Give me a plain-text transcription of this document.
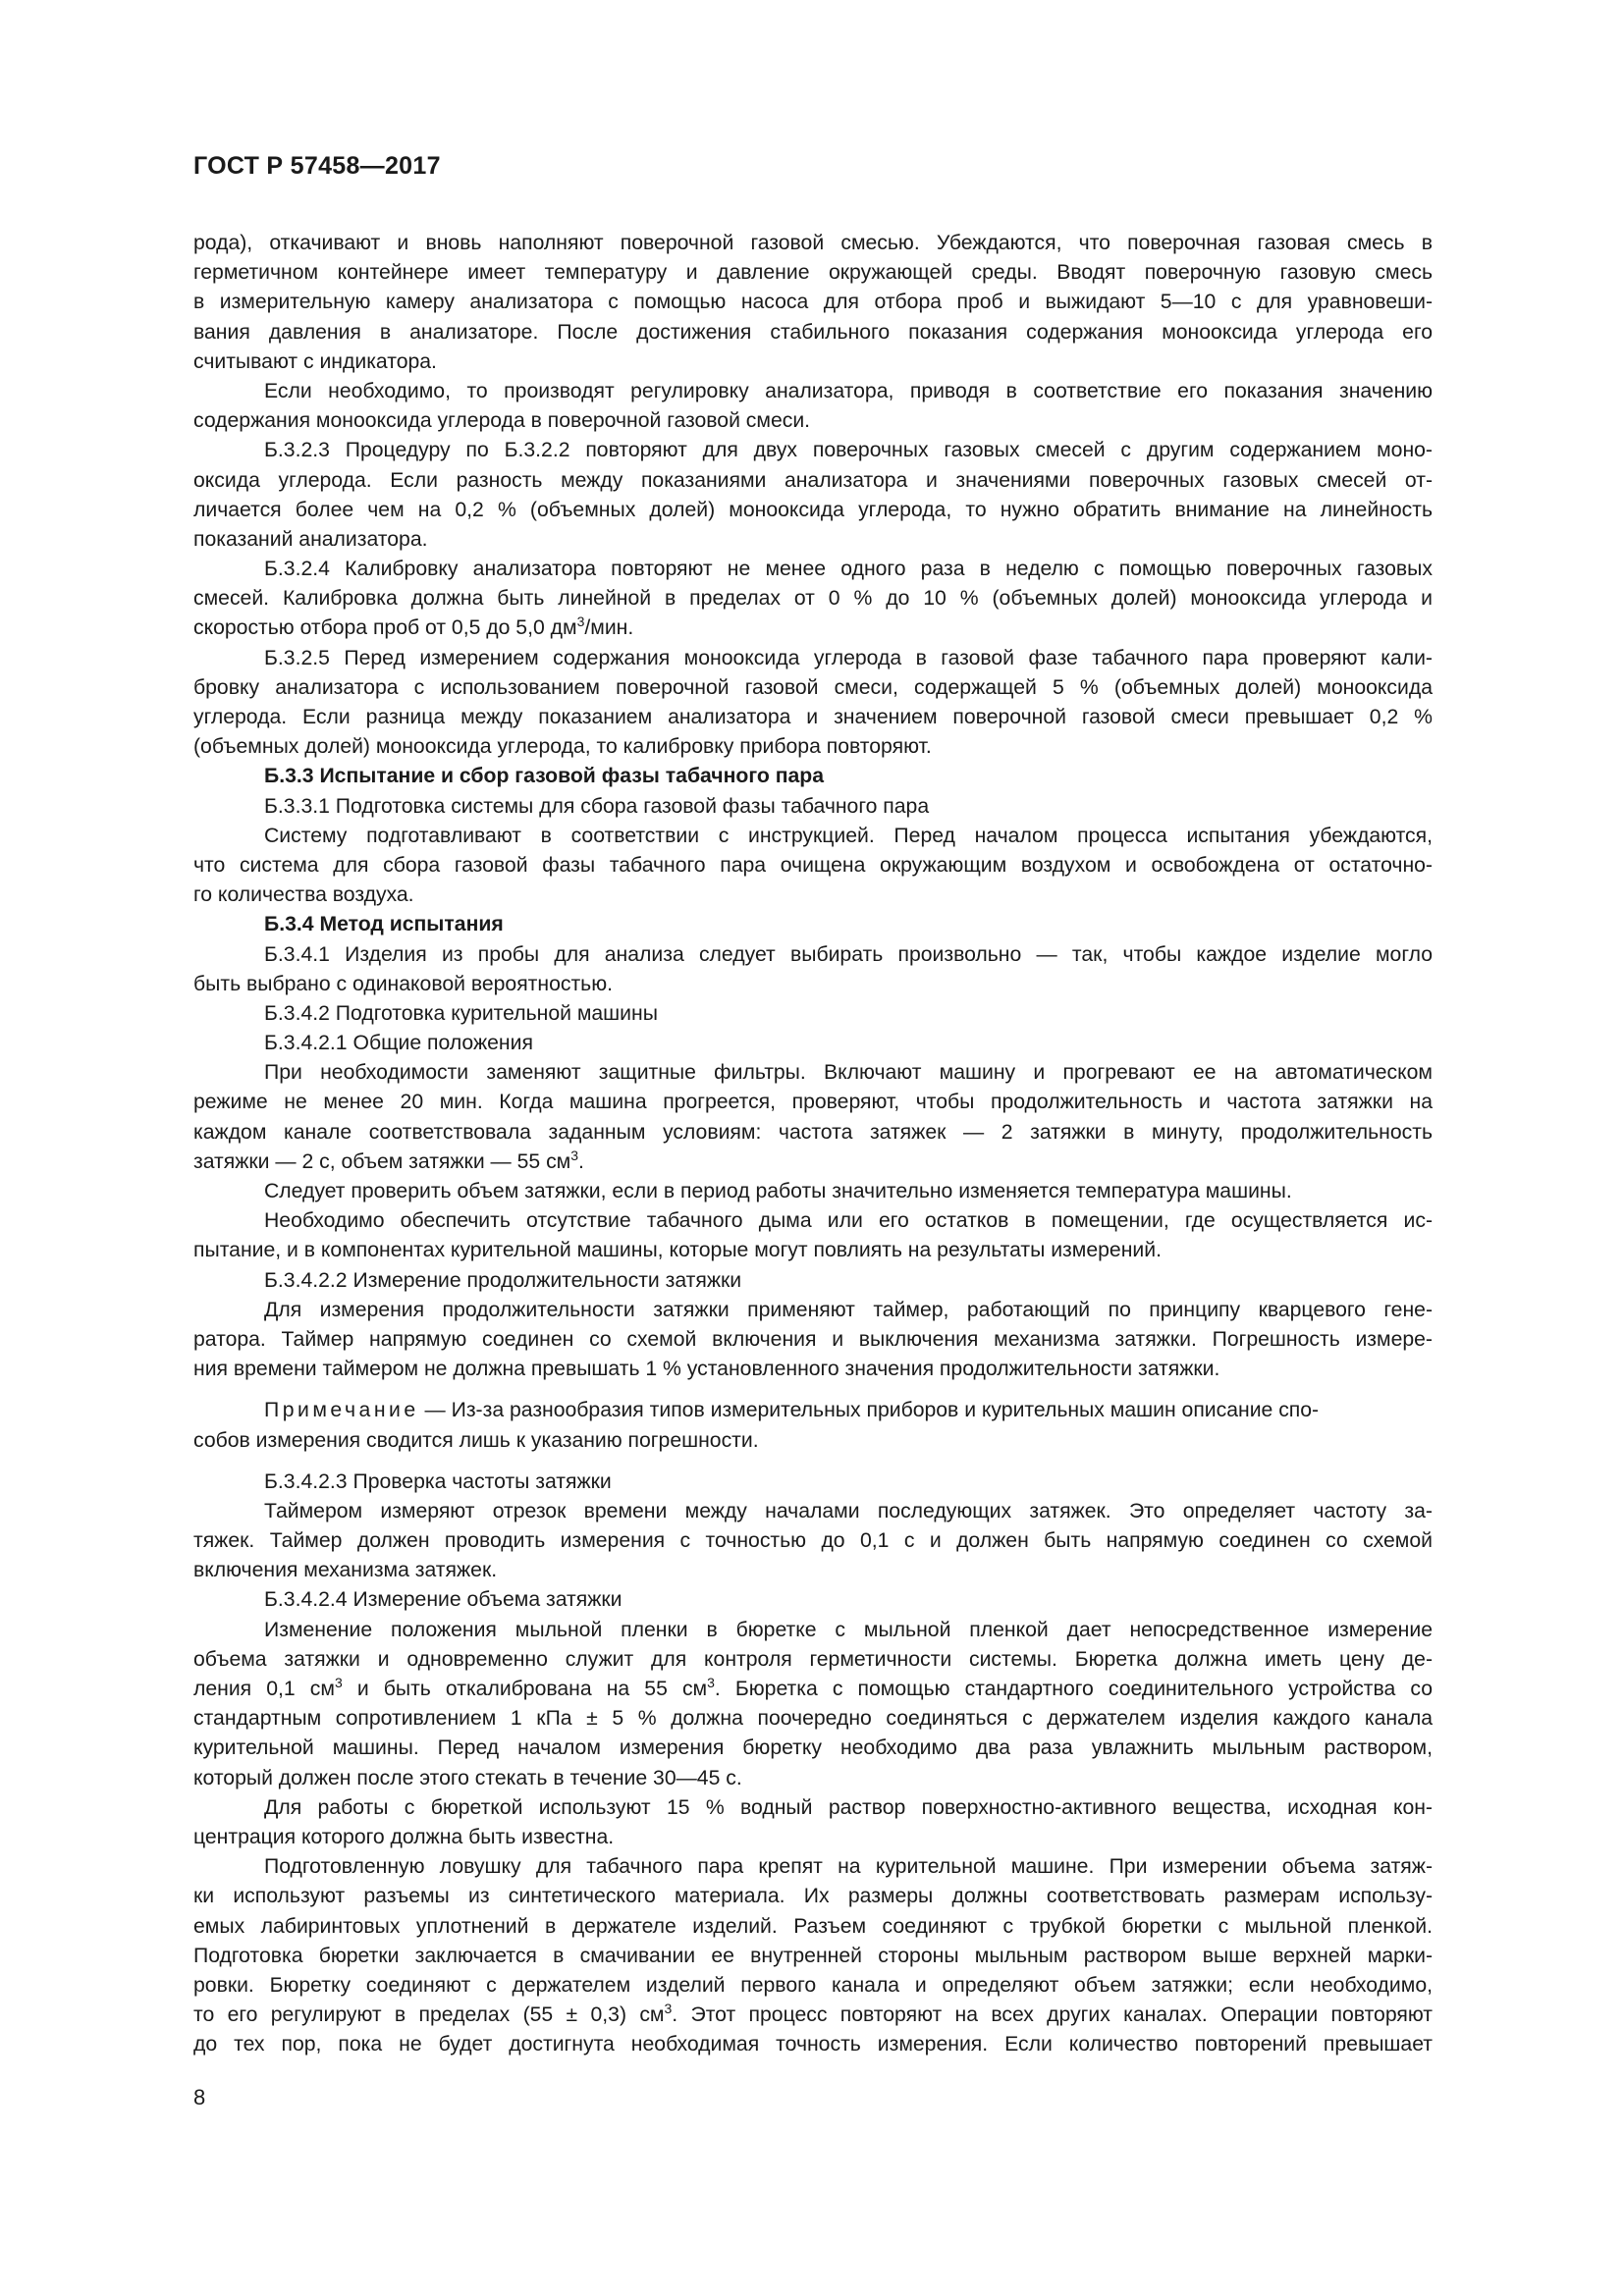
ГОСТ Р 57458—2017
рода), откачивают и вновь наполняют поверочной газовой смесью. Убеждаются, что поверочная газовая смесь в
герметичном контейнере имеет температуру и давление окружающей среды. Вводят поверочную газовую смесь
в измерительную камеру анализатора с помощью насоса для отбора проб и выжидают 5—10 с для уравновеши-
вания давления в анализаторе. После достижения стабильного показания содержания монооксида углерода его
считывают с индикатора.
Если необходимо, то производят регулировку анализатора, приводя в соответствие его показания значению
содержания монооксида углерода в поверочной газовой смеси.
Б.3.2.3 Процедуру по Б.3.2.2 повторяют для двух поверочных газовых смесей с другим содержанием моно-
оксида углерода. Если разность между показаниями анализатора и значениями поверочных газовых смесей от-
личается более чем на 0,2 % (объемных долей) монооксида углерода, то нужно обратить внимание на линейность
показаний анализатора.
Б.3.2.4 Калибровку анализатора повторяют не менее одного раза в неделю с помощью поверочных газовых
смесей. Калибровка должна быть линейной в пределах от 0 % до 10 % (объемных долей) монооксида углерода и
скоростью отбора проб от 0,5 до 5,0 $дм^3$/мин.
Б.3.2.5 Перед измерением содержания монооксида углерода в газовой фазе табачного пара проверяют кали-
бровку анализатора с использованием поверочной газовой смеси, содержащей 5 % (объемных долей) монооксида
углерода. Если разница между показанием анализатора и значением поверочной газовой смеси превышает 0,2 %
(объемных долей) монооксида углерода, то калибровку прибора повторяют.
Б.3.3 Испытание и сбор газовой фазы табачного пара
Б.3.3.1 Подготовка системы для сбора газовой фазы табачного пара
Систему подготавливают в соответствии с инструкцией. Перед началом процесса испытания убеждаются,
что система для сбора газовой фазы табачного пара очищена окружающим воздухом и освобождена от остаточно-
го количества воздуха.
Б.3.4 Метод испытания
Б.3.4.1 Изделия из пробы для анализа следует выбирать произвольно — так, чтобы каждое изделие могло
быть выбрано с одинаковой вероятностью.
Б.3.4.2 Подготовка курительной машины
Б.3.4.2.1 Общие положения
При необходимости заменяют защитные фильтры. Включают машину и прогревают ее на автоматическом
режиме не менее 20 мин. Когда машина прогреется, проверяют, чтобы продолжительность и частота затяжки на
каждом канале соответствовала заданным условиям: частота затяжек — 2 затяжки в минуту, продолжительность
затяжки — 2 с, объем затяжки — 55 $см^3$.
Следует проверить объем затяжки, если в период работы значительно изменяется температура машины.
Необходимо обеспечить отсутствие табачного дыма или его остатков в помещении, где осуществляется ис-
пытание, и в компонентах курительной машины, которые могут повлиять на результаты измерений.
Б.3.4.2.2 Измерение продолжительности затяжки
Для измерения продолжительности затяжки применяют таймер, работающий по принципу кварцевого гене-
ратора. Таймер напрямую соединен со схемой включения и выключения механизма затяжки. Погрешность измере-
ния времени таймером не должна превышать 1 % установленного значения продолжительности затяжки.
Примечание — Из-за разнообразия типов измерительных приборов и курительных машин описание спо-
собов измерения сводится лишь к указанию погрешности.
Б.3.4.2.3 Проверка частоты затяжки
Таймером измеряют отрезок времени между началами последующих затяжек. Это определяет частоту за-
тяжек. Таймер должен проводить измерения с точностью до 0,1 с и должен быть напрямую соединен со схемой
включения механизма затяжек.
Б.3.4.2.4 Измерение объема затяжки
Изменение положения мыльной пленки в бюретке с мыльной пленкой дает непосредственное измерение
объема затяжки и одновременно служит для контроля герметичности системы. Бюретка должна иметь цену де-
ления 0,1 $см^3$ и быть откалибрована на 55 $см^3$. Бюретка с помощью стандартного соединительного устройства со
стандартным сопротивлением 1 кПа ± 5 % должна поочередно соединяться с держателем изделия каждого канала
курительной машины. Перед началом измерения бюретку необходимо два раза увлажнить мыльным раствором,
который должен после этого стекать в течение 30—45 с.
Для работы с бюреткой используют 15 % водный раствор поверхностно-активного вещества, исходная кон-
центрация которого должна быть известна.
Подготовленную ловушку для табачного пара крепят на курительной машине. При измерении объема затяж-
ки используют разъемы из синтетического материала. Их размеры должны соответствовать размерам использу-
емых лабиринтовых уплотнений в держателе изделий. Разъем соединяют с трубкой бюретки с мыльной пленкой.
Подготовка бюретки заключается в смачивании ее внутренней стороны мыльным раствором выше верхней марки-
ровки. Бюретку соединяют с держателем изделий первого канала и определяют объем затяжки; если необходимо,
то его регулируют в пределах (55 ± 0,3) $см^3$. Этот процесс повторяют на всех других каналах. Операции повторяют
до тех пор, пока не будет достигнута необходимая точность измерения. Если количество повторений превышает
8
